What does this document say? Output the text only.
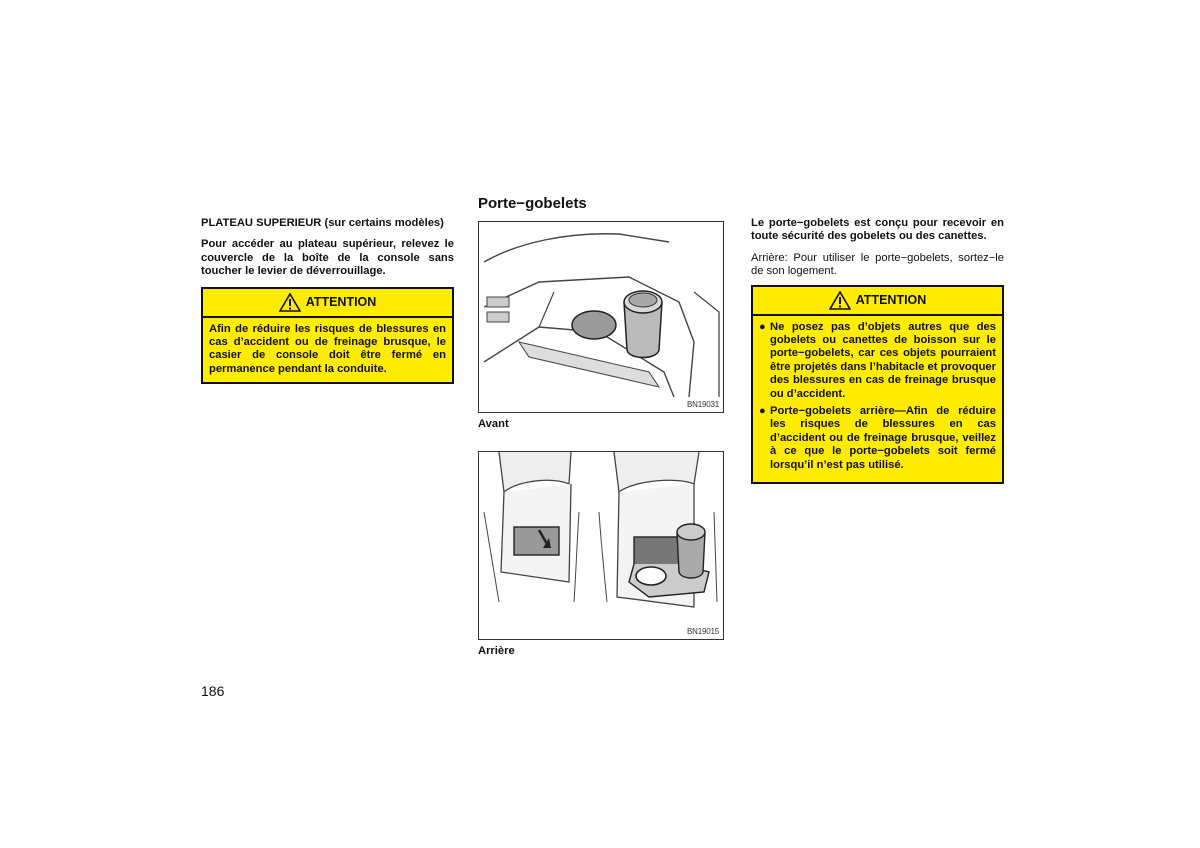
PLATEAU SUPERIEUR (sur certains modèles)

Pour accéder au plateau supérieur, relevez le couvercle de la boîte de la console sans toucher le levier de déverrouillage.

ATTENTION
Afin de réduire les risques de blessures en cas d’accident ou de freinage brusque, le casier de console doit être fermé en permanence pendant la conduite.
Porte−gobelets
BN19031
Avant
BN19015
Arrière

Le porte−gobelets est conçu pour recevoir en toute sécurité des gobelets ou des canettes.

Arrière: Pour utiliser le porte−gobelets, sortez−le de son logement.

ATTENTION
● Ne posez pas d’objets autres que des gobelets ou canettes de boisson sur le porte−gobelets, car ces objets pourraient être projetés dans l’habitacle et provoquer des blessures en cas de freinage brusque ou d’accident.
● Porte−gobelets arrière—Afin de réduire les risques de blessures en cas d’accident ou de freinage brusque, veillez à ce que le porte−gobelets soit fermé lorsqu’il n’est pas utilisé.
186
